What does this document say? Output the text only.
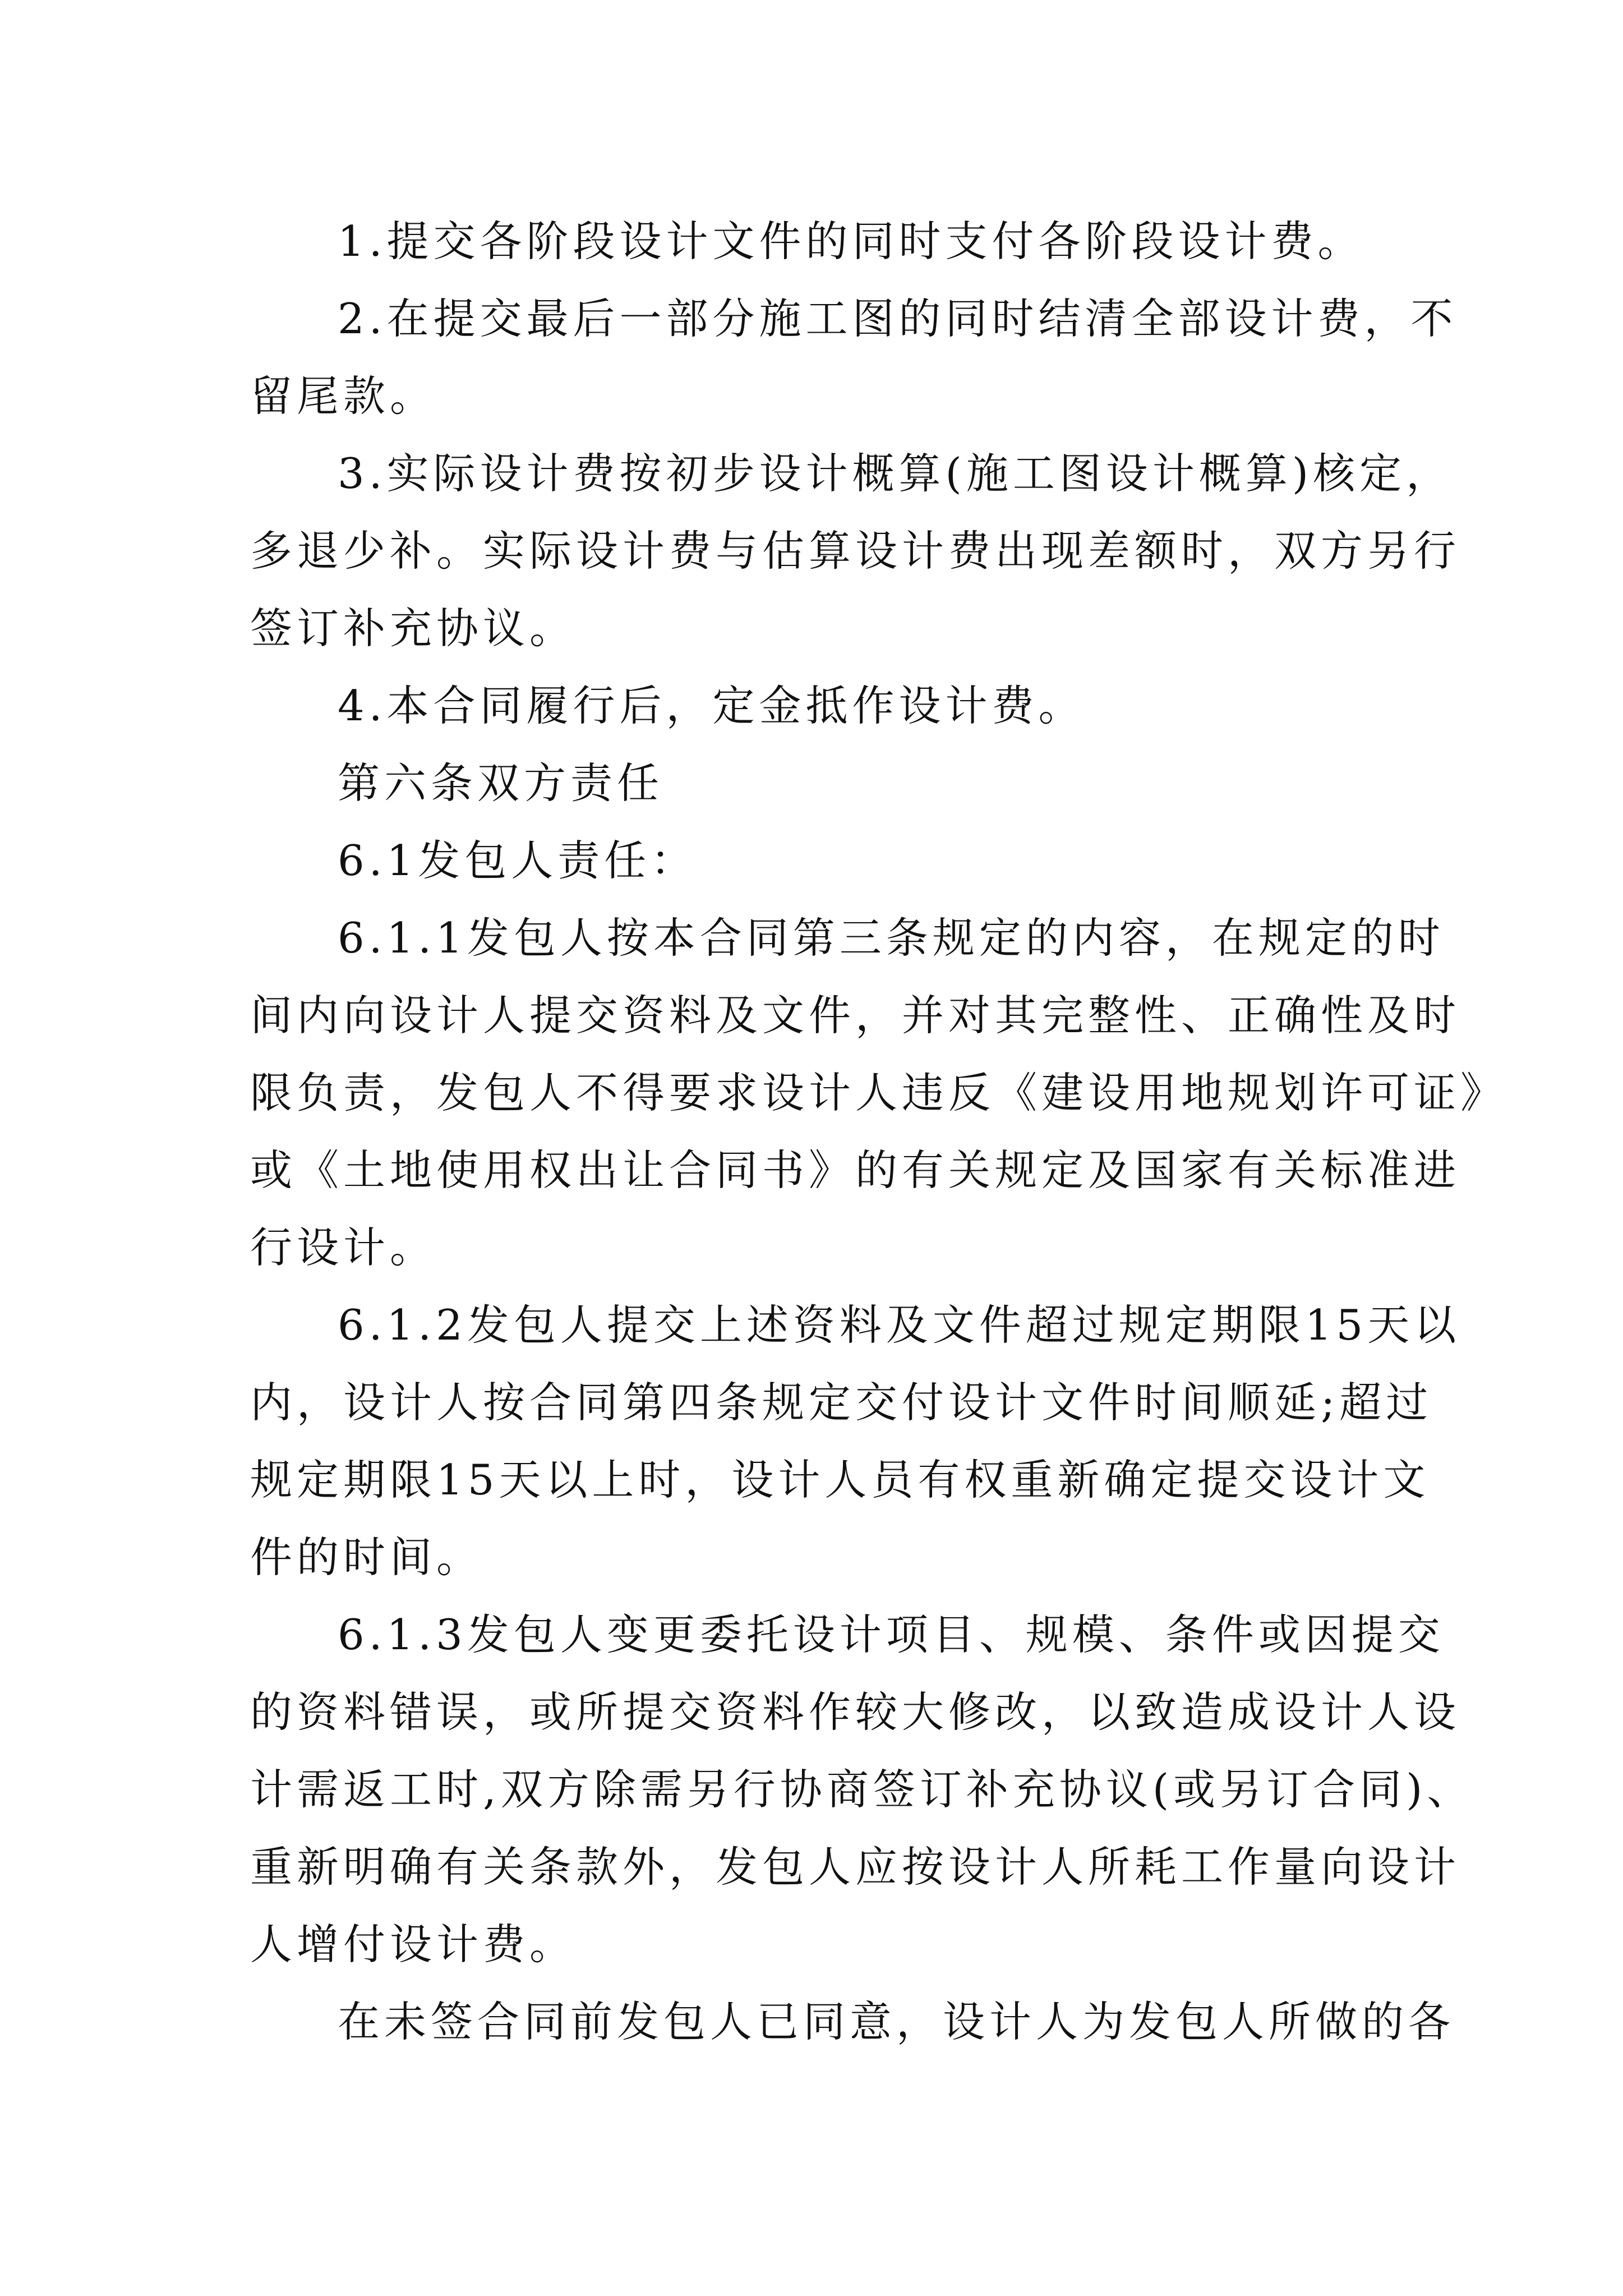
1.提交各阶段设计文件的同时支付各阶段设计费。
2.在提交最后一部分施工图的同时结清全部设计费，不
留尾款。
3.实际设计费按初步设计概算(施工图设计概算)核定，
多退少补。实际设计费与估算设计费出现差额时，双方另行
签订补充协议。
4.本合同履行后，定金抵作设计费。
第六条双方责任
6.1发包人责任：
6.1.1发包人按本合同第三条规定的内容，在规定的时
间内向设计人提交资料及文件，并对其完整性、正确性及时
限负责，发包人不得要求设计人违反《建设用地规划许可证》
或《土地使用权出让合同书》的有关规定及国家有关标准进
行设计。
6.1.2发包人提交上述资料及文件超过规定期限15天以
内，设计人按合同第四条规定交付设计文件时间顺延;超过
规定期限15天以上时，设计人员有权重新确定提交设计文
件的时间。
6.1.3发包人变更委托设计项目、规模、条件或因提交
的资料错误，或所提交资料作较大修改，以致造成设计人设
计需返工时,双方除需另行协商签订补充协议(或另订合同)、
重新明确有关条款外，发包人应按设计人所耗工作量向设计
人增付设计费。
在未签合同前发包人已同意，设计人为发包人所做的各
